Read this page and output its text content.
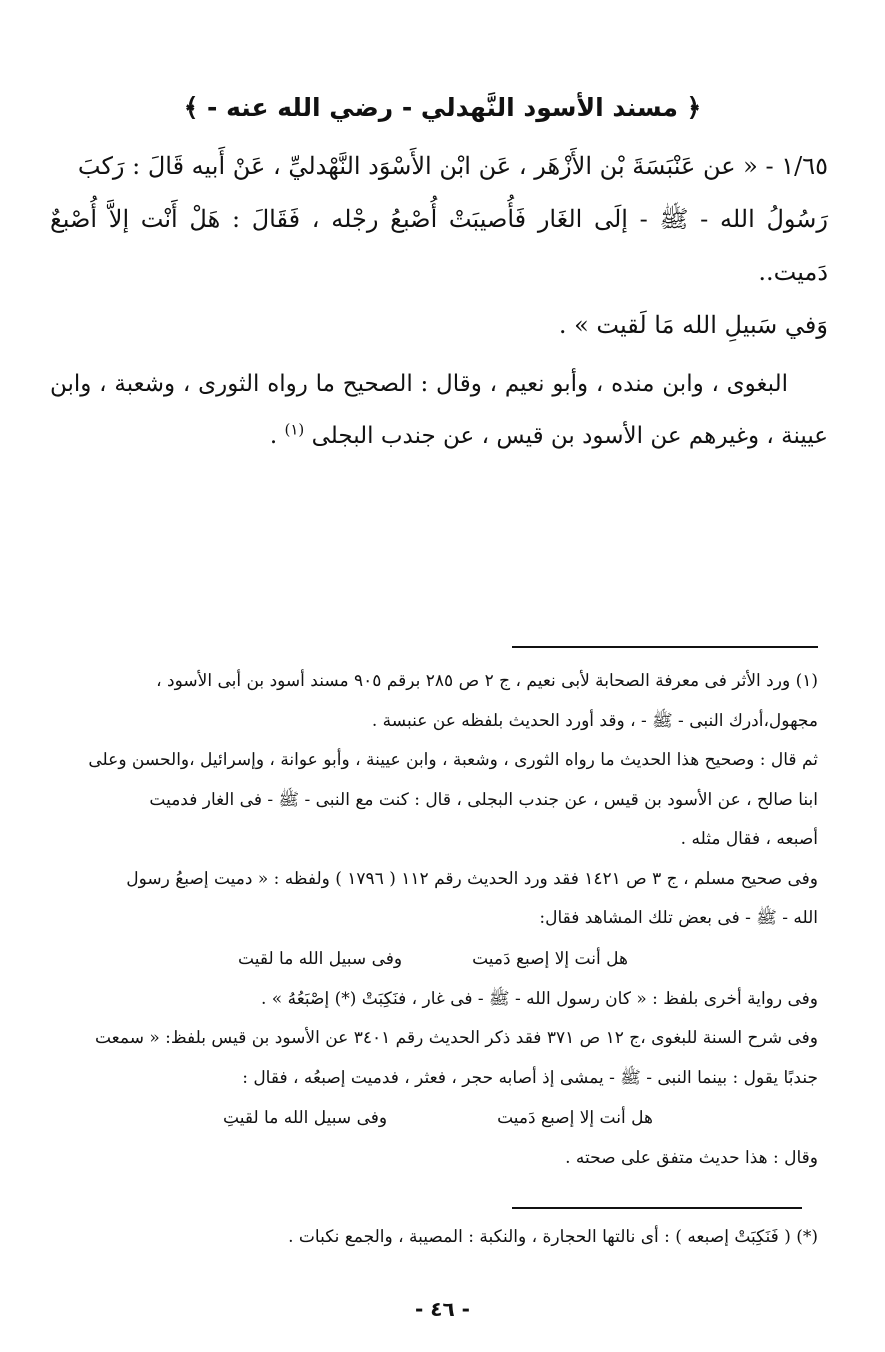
﴿ مسند الأسود النَّهدلي - رضي الله عنه - ﴾

١/٦٥ - « عن عَنْبَسَةَ بْن الأَزْهَر ، عَن ابْن الأَسْوَد النَّهْدليِّ ، عَنْ أَبيه قَالَ : رَكبَ

رَسُولُ الله - ﷺ - إلَى الغَار فَأُصيبَتْ أُصْبعُ رجْله ، فَقَالَ : هَلْ أَنْت إلاَّ أُصْبعٌ دَميت..

وَفي سَبيلِ الله مَا لَقيت » .

البغوى ، وابن منده ، وأبو نعيم ، وقال : الصحيح ما رواه الثورى ، وشعبة ، وابن عيينة ، وغيرهم عن الأسود بن قيس ، عن جندب البجلى $^{(١)}$ .

(١) ورد الأثر فى معرفة الصحابة لأبى نعيم ، ج ٢ ص ٢٨٥ برقم ٩٠٥ مسند أسود بن أبى الأسود ،

مجهول،أدرك النبى - ﷺ - ، وقد أورد الحديث بلفظه عن عنبسة .

ثم قال : وصحيح هذا الحديث ما رواه الثورى ، وشعبة ، وابن عيينة ، وأبو عوانة ، وإسرائيل ،والحسن وعلى

ابنا صالح ، عن الأسود بن قيس ، عن جندب البجلى ، قال : كنت مع النبى - ﷺ - فى الغار فدميت

أصبعه ، فقال مثله .

وفى صحيح مسلم ، ج ٣ ص ١٤٢١ فقد ورد الحديث رقم ١١٢ ( ١٧٩٦ ) ولفظه : « دميت إصبعُ رسول

الله - ﷺ - فى بعض تلك المشاهد فقال:

هل أنت إلا إصبع دَميت
وفى سبيل الله ما لقيت

وفى رواية أخرى بلفظ : « كان رسول الله - ﷺ - فى غار ، فنَكِبَتْ (*) إصْبَعُهُ » .

وفى شرح السنة للبغوى ،ج ١٢ ص ٣٧١ فقد ذكر الحديث رقم ٣٤٠١ عن الأسود بن قيس بلفظ: « سمعت

جندبًا يقول : بينما النبى - ﷺ - يمشى إذ أصابه حجر ، فعثر ، فدميت إصبعُه ، فقال :

هل أنت إلا إصبع دَميت
وفى سبيل الله ما لقيتِ

وقال : هذا حديث متفق على صحته .

(*) ( فَنَكِبَتْ إصبعه ) : أى نالتها الحجارة ، والنكبة : المصيبة ، والجمع نكبات .
- ٤٦ -
